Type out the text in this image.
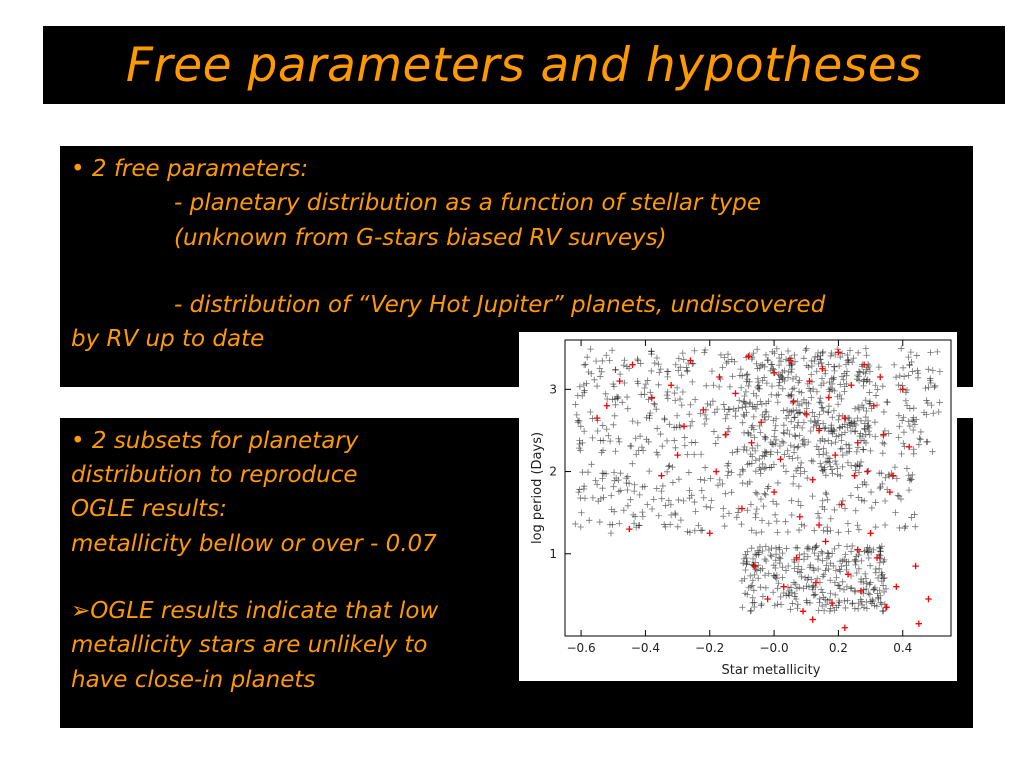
Free parameters and hypotheses
• 2 free parameters:
- planetary distribution as a function of stellar type
(unknown from G-stars biased RV surveys)
- distribution of “Very Hot Jupiter” planets, undiscovered
by RV up to date
• 2 subsets for planetary
distribution to reproduce
OGLE results:
metallicity bellow or over - 0.07
➢OGLE results indicate that low
metallicity stars are unlikely to
have close-in planets
−0.6	−0.4	−0.2	−0.0	0.2	0.4
1
2
3
Star metallicity
log period (Days)
